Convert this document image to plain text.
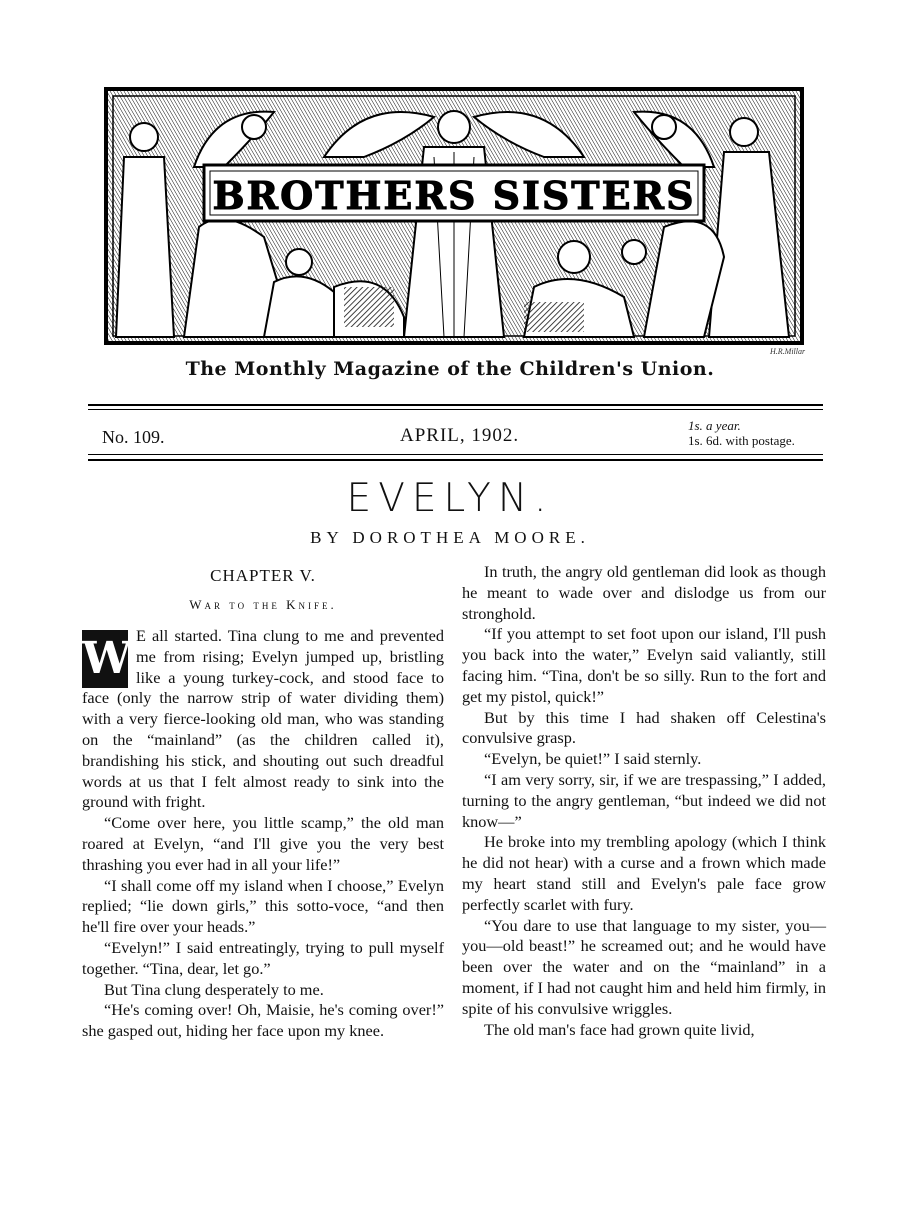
BROTHERS SISTERS
H.R.Millar
The Monthly Magazine of the Children's Union.
No. 109.	APRIL, 1902.	1s. a year.
1s. 6d. with postage.
EVELYN.
BY DOROTHEA MOORE.
CHAPTER V.
War to the Knife.

W E all started. Tina clung to me and prevented me from rising; Evelyn jumped up, bristling like a young turkey-cock, and stood face to face (only the narrow strip of water dividing them) with a very fierce-looking old man, who was standing on the “mainland” (as the children called it), brandishing his stick, and shouting out such dreadful words at us that I felt almost ready to sink into the ground with fright.

“Come over here, you little scamp,” the old man roared at Evelyn, “and I'll give you the very best thrashing you ever had in all your life!”

“I shall come off my island when I choose,” Evelyn replied; “lie down girls,” this sotto-voce, “and then he'll fire over your heads.”

“Evelyn!” I said entreatingly, trying to pull myself together. “Tina, dear, let go.”

But Tina clung desperately to me.

“He's coming over! Oh, Maisie, he's coming over!” she gasped out, hiding her face upon my knee.

In truth, the angry old gentleman did look as though he meant to wade over and dislodge us from our stronghold.

“If you attempt to set foot upon our island, I'll push you back into the water,” Evelyn said valiantly, still facing him. “Tina, don't be so silly. Run to the fort and get my pistol, quick!”

But by this time I had shaken off Celestina's convulsive grasp.

“Evelyn, be quiet!” I said sternly.

“I am very sorry, sir, if we are trespassing,” I added, turning to the angry gentleman, “but indeed we did not know—”

He broke into my trembling apology (which I think he did not hear) with a curse and a frown which made my heart stand still and Evelyn's pale face grow perfectly scarlet with fury.

“You dare to use that language to my sister, you—you—old beast!” he screamed out; and he would have been over the water and on the “mainland” in a moment, if I had not caught him and held him firmly, in spite of his convulsive wriggles.

The old man's face had grown quite livid,
